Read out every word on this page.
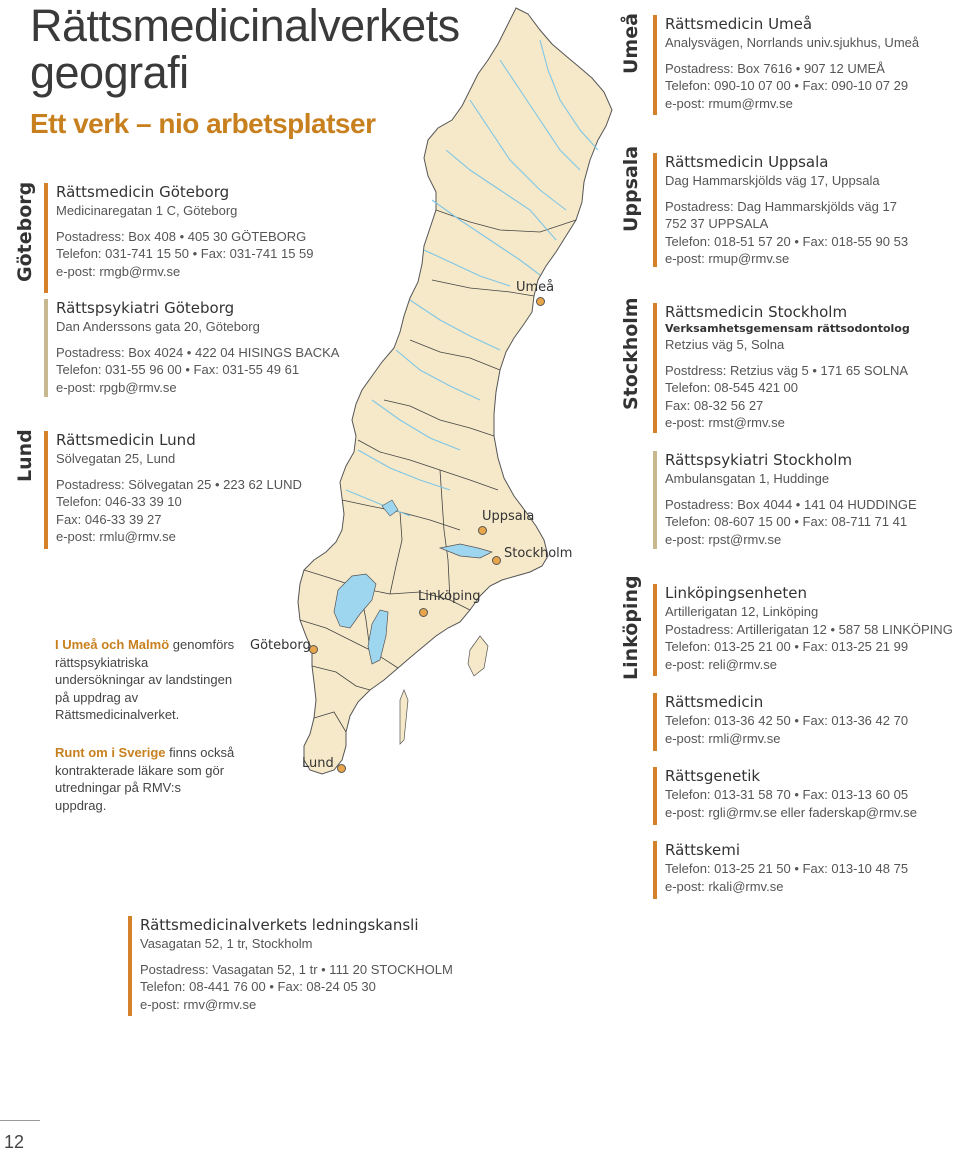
Rättsmedicinalverkets
geografi
Ett verk – nio arbetsplatser
Umeå
Uppsala
Stockholm
Linköping
Göteborg
Lund
Göteborg
Lund
Rättsmedicin Göteborg
Medicinaregatan 1 C, Göteborg
Postadress: Box 408 • 405 30 GÖTEBORG
Telefon: 031-741 15 50 • Fax: 031-741 15 59
e-post: rmgb@rmv.se
Rättspsykiatri Göteborg
Dan Anderssons gata 20, Göteborg
Postadress: Box 4024 • 422 04 HISINGS BACKA
Telefon: 031-55 96 00 • Fax: 031-55 49 61
e-post: rpgb@rmv.se
Rättsmedicin Lund
Sölvegatan 25, Lund
Postadress: Sölvegatan 25 • 223 62 LUND
Telefon: 046-33 39 10
Fax: 046-33 39 27
e-post: rmlu@rmv.se
I Umeå och Malmö genomförs rättspsykiatriska undersökningar av landstingen på uppdrag av Rättsmedicinalverket.
Runt om i Sverige finns också kontrakterade läkare som gör utredningar på RMV:s uppdrag.
Rättsmedicinalverkets ledningskansli
Vasagatan 52, 1 tr, Stockholm
Postadress: Vasagatan 52, 1 tr • 111 20 STOCKHOLM
Telefon: 08-441 76 00 • Fax: 08-24 05 30
e-post: rmv@rmv.se
Umeå
Uppsala
Stockholm
Linköping
Rättsmedicin Umeå
Analysvägen, Norrlands univ.sjukhus, Umeå
Postadress: Box 7616 • 907 12 UMEÅ
Telefon: 090-10 07 00 • Fax: 090-10 07 29
e-post: rmum@rmv.se
Rättsmedicin Uppsala
Dag Hammarskjölds väg 17, Uppsala
Postadress: Dag Hammarskjölds väg 17
752 37 UPPSALA
Telefon: 018-51 57 20 • Fax: 018-55 90 53
e-post: rmup@rmv.se
Rättsmedicin Stockholm
Verksamhetsgemensam rättsodontolog
Retzius väg 5, Solna
Postdress: Retzius väg 5 • 171 65 SOLNA
Telefon: 08-545 421 00
Fax: 08-32 56 27
e-post: rmst@rmv.se
Rättspsykiatri Stockholm
Ambulansgatan 1, Huddinge
Postadress: Box 4044 • 141 04 HUDDINGE
Telefon: 08-607 15 00 • Fax: 08-711 71 41
e-post: rpst@rmv.se
Linköpingsenheten
Artillerigatan 12, Linköping
Postadress: Artillerigatan 12 • 587 58 LINKÖPING
Telefon: 013-25 21 00 • Fax: 013-25 21 99
e-post: reli@rmv.se
Rättsmedicin
Telefon: 013-36 42 50 • Fax: 013-36 42 70
e-post: rmli@rmv.se
Rättsgenetik
Telefon: 013-31 58 70 • Fax: 013-13 60 05
e-post: rgli@rmv.se eller faderskap@rmv.se
Rättskemi
Telefon: 013-25 21 50 • Fax: 013-10 48 75
e-post: rkali@rmv.se
12
